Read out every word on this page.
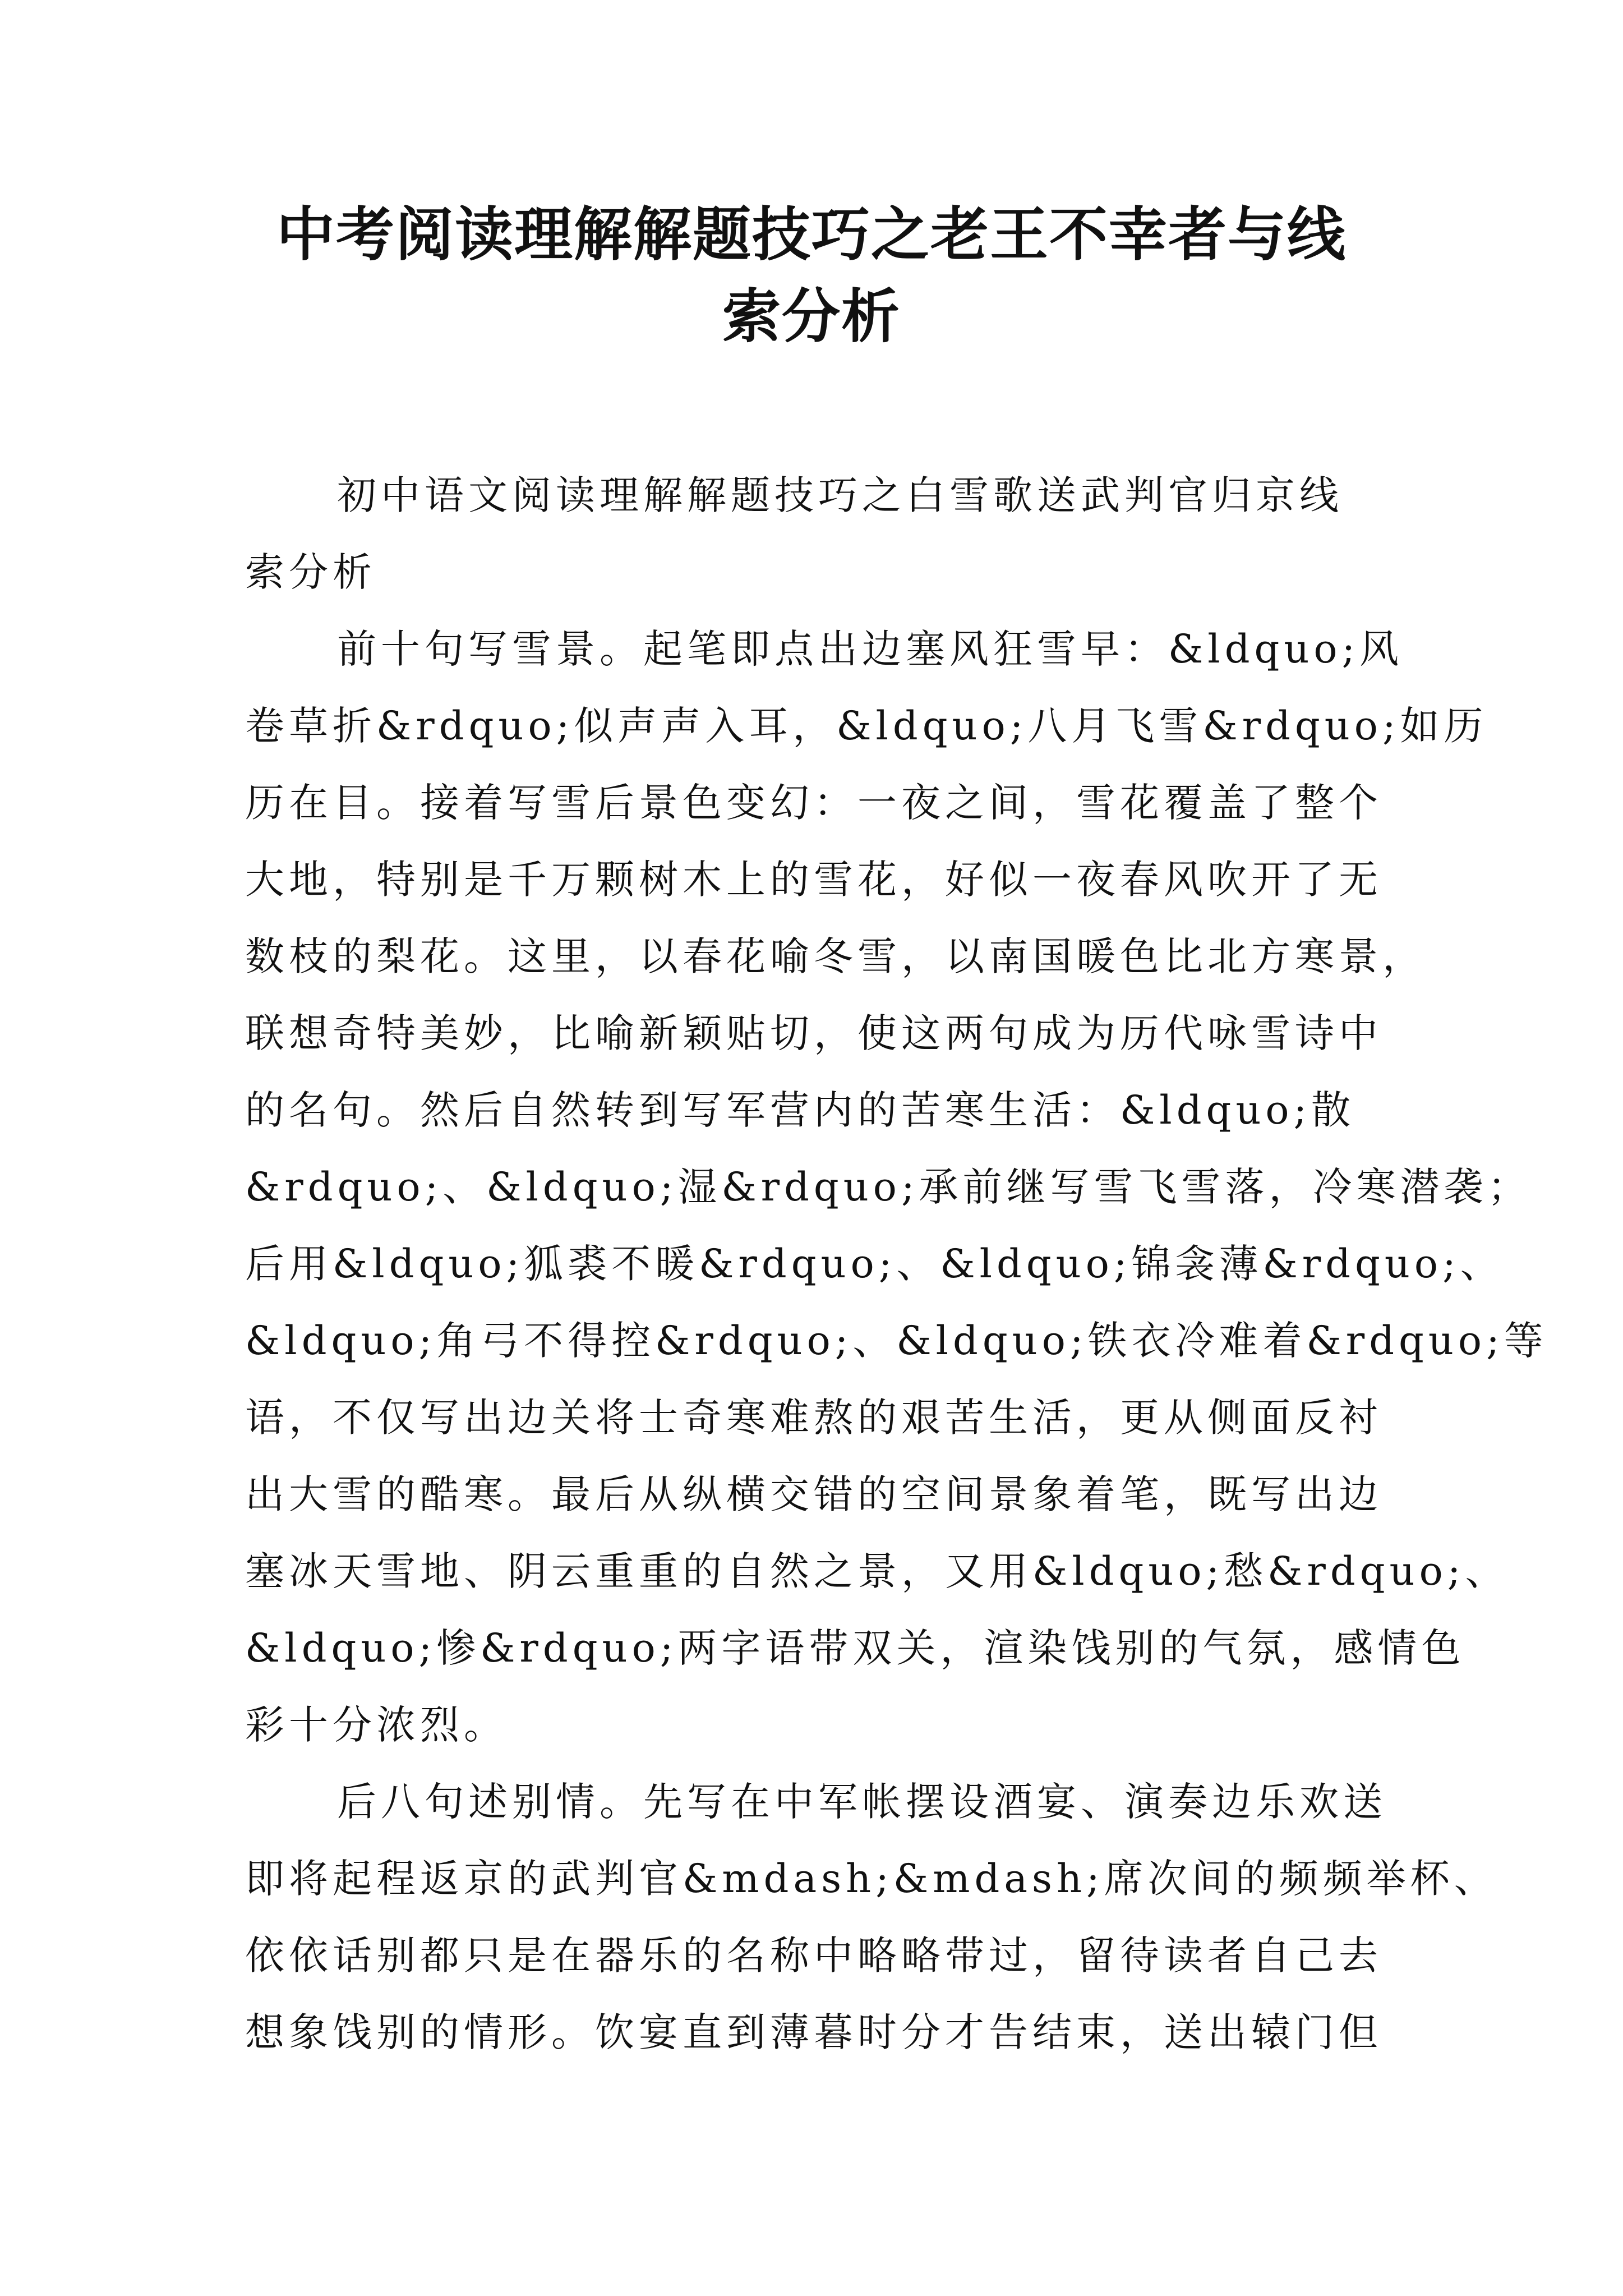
中考阅读理解解题技巧之老王不幸者与线
索分析
初中语文阅读理解解题技巧之白雪歌送武判官归京线
索分析
前十句写雪景。起笔即点出边塞风狂雪早：&ldquo;风
卷草折&rdquo;似声声入耳，&ldquo;八月飞雪&rdquo;如历
历在目。接着写雪后景色变幻：一夜之间，雪花覆盖了整个
大地，特别是千万颗树木上的雪花，好似一夜春风吹开了无
数枝的梨花。这里，以春花喻冬雪，以南国暖色比北方寒景，
联想奇特美妙，比喻新颖贴切，使这两句成为历代咏雪诗中
的名句。然后自然转到写军营内的苦寒生活：&ldquo;散
&rdquo;、&ldquo;湿&rdquo;承前继写雪飞雪落，冷寒潜袭；
后用&ldquo;狐裘不暖&rdquo;、&ldquo;锦衾薄&rdquo;、
&ldquo;角弓不得控&rdquo;、&ldquo;铁衣冷难着&rdquo;等
语，不仅写出边关将士奇寒难熬的艰苦生活，更从侧面反衬
出大雪的酷寒。最后从纵横交错的空间景象着笔，既写出边
塞冰天雪地、阴云重重的自然之景，又用&ldquo;愁&rdquo;、
&ldquo;惨&rdquo;两字语带双关，渲染饯别的气氛，感情色
彩十分浓烈。
后八句述别情。先写在中军帐摆设酒宴、演奏边乐欢送
即将起程返京的武判官&mdash;&mdash;席次间的频频举杯、
依依话别都只是在器乐的名称中略略带过，留待读者自己去
想象饯别的情形。饮宴直到薄暮时分才告结束，送出辕门但
